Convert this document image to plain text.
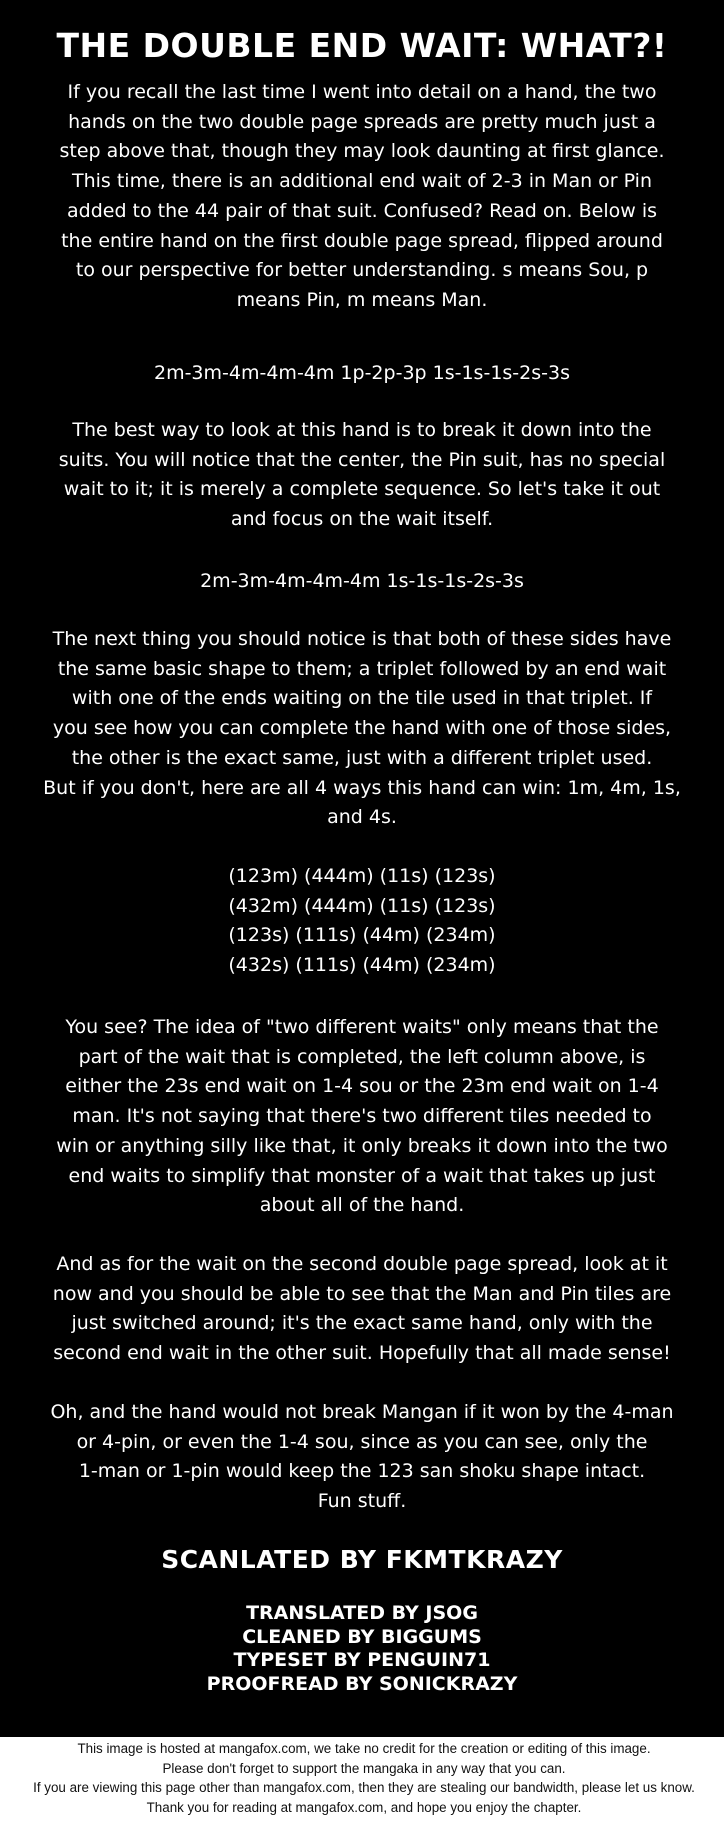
THE DOUBLE END WAIT: WHAT?!
If you recall the last time I went into detail on a hand, the two
hands on the two double page spreads are pretty much just a
step above that, though they may look daunting at first glance.
This time, there is an additional end wait of 2-3 in Man or Pin
added to the 44 pair of that suit. Confused? Read on. Below is
the entire hand on the first double page spread, flipped around
to our perspective for better understanding. s means Sou, p
means Pin, m means Man.
2m-3m-4m-4m-4m 1p-2p-3p 1s-1s-1s-2s-3s
The best way to look at this hand is to break it down into the
suits. You will notice that the center, the Pin suit, has no special
wait to it; it is merely a complete sequence. So let's take it out
and focus on the wait itself.
2m-3m-4m-4m-4m 1s-1s-1s-2s-3s
The next thing you should notice is that both of these sides have
the same basic shape to them; a triplet followed by an end wait
with one of the ends waiting on the tile used in that triplet. If
you see how you can complete the hand with one of those sides,
the other is the exact same, just with a different triplet used.
But if you don't, here are all 4 ways this hand can win: 1m, 4m, 1s,
and 4s.
(123m) (444m) (11s) (123s)
(432m) (444m) (11s) (123s)
(123s) (111s) (44m) (234m)
(432s) (111s) (44m) (234m)
You see? The idea of "two different waits" only means that the
part of the wait that is completed, the left column above, is
either the 23s end wait on 1-4 sou or the 23m end wait on 1-4
man. It's not saying that there's two different tiles needed to
win or anything silly like that, it only breaks it down into the two
end waits to simplify that monster of a wait that takes up just
about all of the hand.
And as for the wait on the second double page spread, look at it
now and you should be able to see that the Man and Pin tiles are
just switched around; it's the exact same hand, only with the
second end wait in the other suit. Hopefully that all made sense!
Oh, and the hand would not break Mangan if it won by the 4-man
or 4-pin, or even the 1-4 sou, since as you can see, only the
1-man or 1-pin would keep the 123 san shoku shape intact.
Fun stuff.
SCANLATED BY FKMTKRAZY
TRANSLATED BY JSOG
CLEANED BY BIGGUMS
TYPESET BY PENGUIN71
PROOFREAD BY SONICKRAZY
This image is hosted at mangafox.com, we take no credit for the creation or editing of this image.
Please don't forget to support the mangaka in any way that you can.
If you are viewing this page other than mangafox.com, then they are stealing our bandwidth, please let us know.
Thank you for reading at mangafox.com, and hope you enjoy the chapter.
